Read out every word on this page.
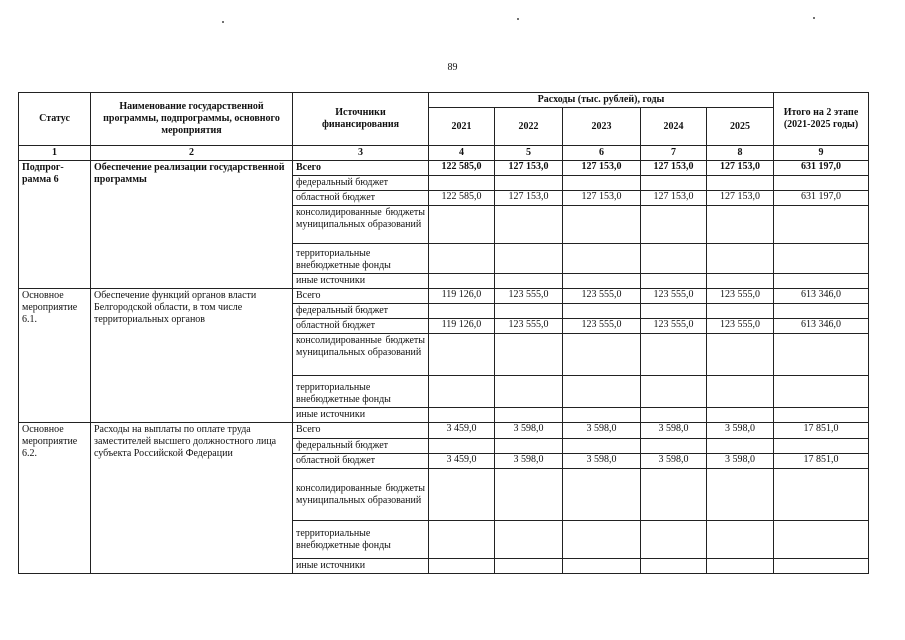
89
Статус	Наименование государственной программы, подпрограммы, основного мероприятия	Источники финансирования	Расходы (тыс. рублей), годы					Итого на 2 этапе (2021-2025 годы)
			2021	2022	2023	2024	2025	
1	2	3	4	5	6	7	8	9
Подпрог-рамма 6	Обеспечение реализации государственной программы	Всего	122 585,0	127 153,0	127 153,0	127 153,0	127 153,0	631 197,0
		федеральный бюджет						
		областной бюджет	122 585,0	127 153,0	127 153,0	127 153,0	127 153,0	631 197,0
		консолидированные бюджеты муниципальных образований						
		территориальные внебюджетные фонды						
		иные источники						
Основное мероприятие 6.1.	Обеспечение функций органов власти Белгородской области, в том числе территориальных органов	Всего	119 126,0	123 555,0	123 555,0	123 555,0	123 555,0	613 346,0
		федеральный бюджет						
		областной бюджет	119 126,0	123 555,0	123 555,0	123 555,0	123 555,0	613 346,0
		консолидированные бюджеты муниципальных образований						
		территориальные внебюджетные фонды						
		иные источники						
Основное мероприятие 6.2.	Расходы на выплаты по оплате труда заместителей высшего должностного лица субъекта Российской Федерации	Всего	3 459,0	3 598,0	3 598,0	3 598,0	3 598,0	17 851,0
		федеральный бюджет						
		областной бюджет	3 459,0	3 598,0	3 598,0	3 598,0	3 598,0	17 851,0
		консолидированные бюджеты муниципальных образований						
		территориальные внебюджетные фонды						
		иные источники						
